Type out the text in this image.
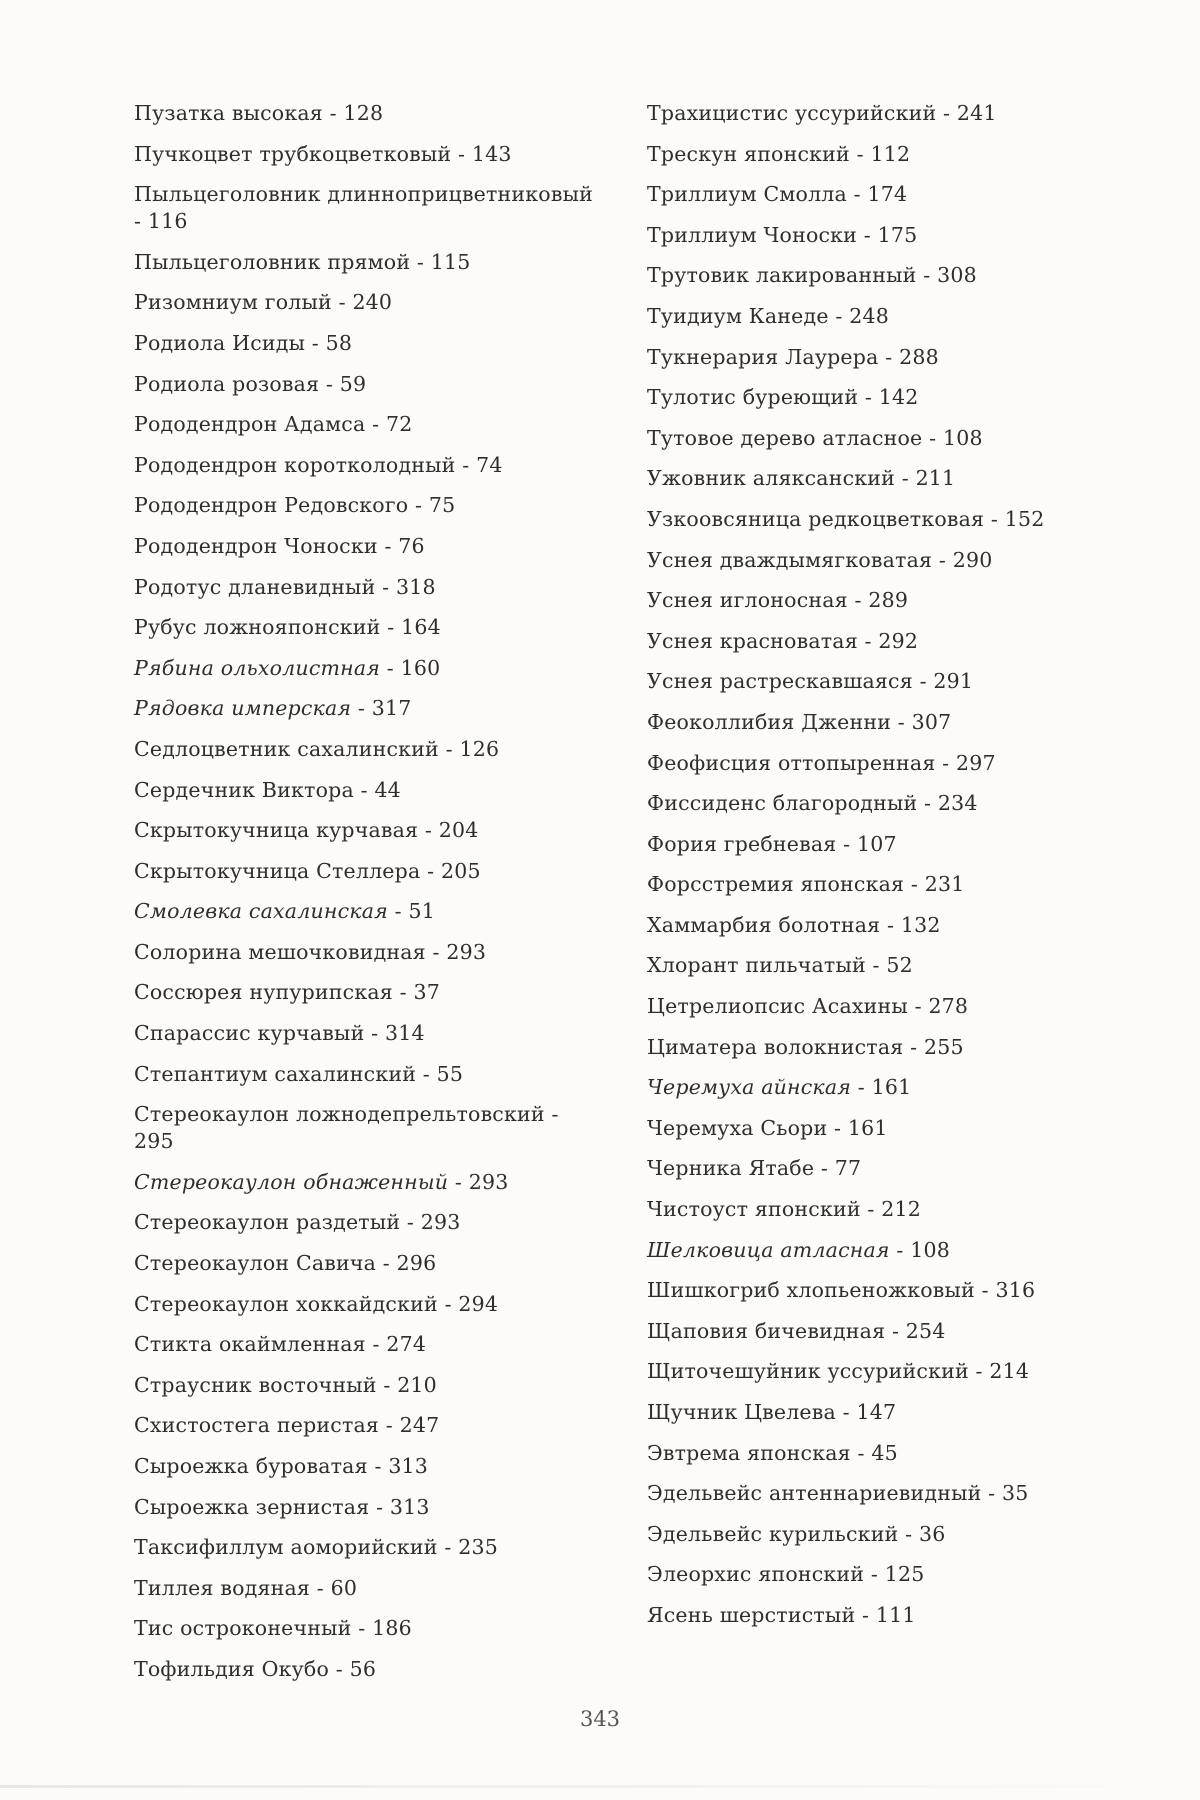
Пузатка высокая - 128
Пучкоцвет трубкоцветковый - 143
Пыльцеголовник длинноприцветниковый - 116
Пыльцеголовник прямой - 115
Ризомниум голый - 240
Родиола Исиды - 58
Родиола розовая - 59
Рододендрон Адамса - 72
Рододендрон коротколодный - 74
Рододендрон Редовского - 75
Рододендрон Чоноски - 76
Родотус дланевидный - 318
Рубус ложнояпонский - 164
Рябина ольхолистная - 160
Рядовка имперская - 317
Седлоцветник сахалинский - 126
Сердечник Виктора - 44
Скрытокучница курчавая - 204
Скрытокучница Стеллера - 205
Смолевка сахалинская - 51
Солорина мешочковидная - 293
Соссюрея нупурипская - 37
Спарассис курчавый - 314
Степантиум сахалинский - 55
Стереокаулон ложнодепрельтовский - 295
Стереокаулон обнаженный - 293
Стереокаулон раздетый - 293
Стереокаулон Савича - 296
Стереокаулон хоккайдский - 294
Стикта окаймленная - 274
Страусник восточный - 210
Схистостега перистая - 247
Сыроежка буроватая - 313
Сыроежка зернистая - 313
Таксифиллум аоморийский - 235
Тиллея водяная - 60
Тис остроконечный - 186
Тофильдия Окубо - 56
Трахицистис уссурийский - 241
Трескун японский - 112
Триллиум Смолла - 174
Триллиум Чоноски - 175
Трутовик лакированный - 308
Туидиум Канеде - 248
Тукнерария Лаурера - 288
Тулотис буреющий - 142
Тутовое дерево атласное - 108
Ужовник аляксанский - 211
Узкоовсяница редкоцветковая - 152
Уснея дваждымягковатая - 290
Уснея иглоносная - 289
Уснея красноватая - 292
Уснея растрескавшаяся - 291
Феоколлибия Дженни - 307
Феофисция оттопыренная - 297
Фиссиденс благородный - 234
Фория гребневая - 107
Форсстремия японская - 231
Хаммарбия болотная - 132
Хлорант пильчатый - 52
Цетрелиопсис Асахины - 278
Циматера волокнистая - 255
Черемуха айнская - 161
Черемуха Сьори - 161
Черника Ятабе - 77
Чистоуст японский - 212
Шелковица атласная - 108
Шишкогриб хлопьеножковый - 316
Щаповия бичевидная - 254
Щиточешуйник уссурийский - 214
Щучник Цвелева - 147
Эвтрема японская - 45
Эдельвейс антеннариевидный - 35
Эдельвейс курильский - 36
Элеорхис японский - 125
Ясень шерстистый - 111
343
